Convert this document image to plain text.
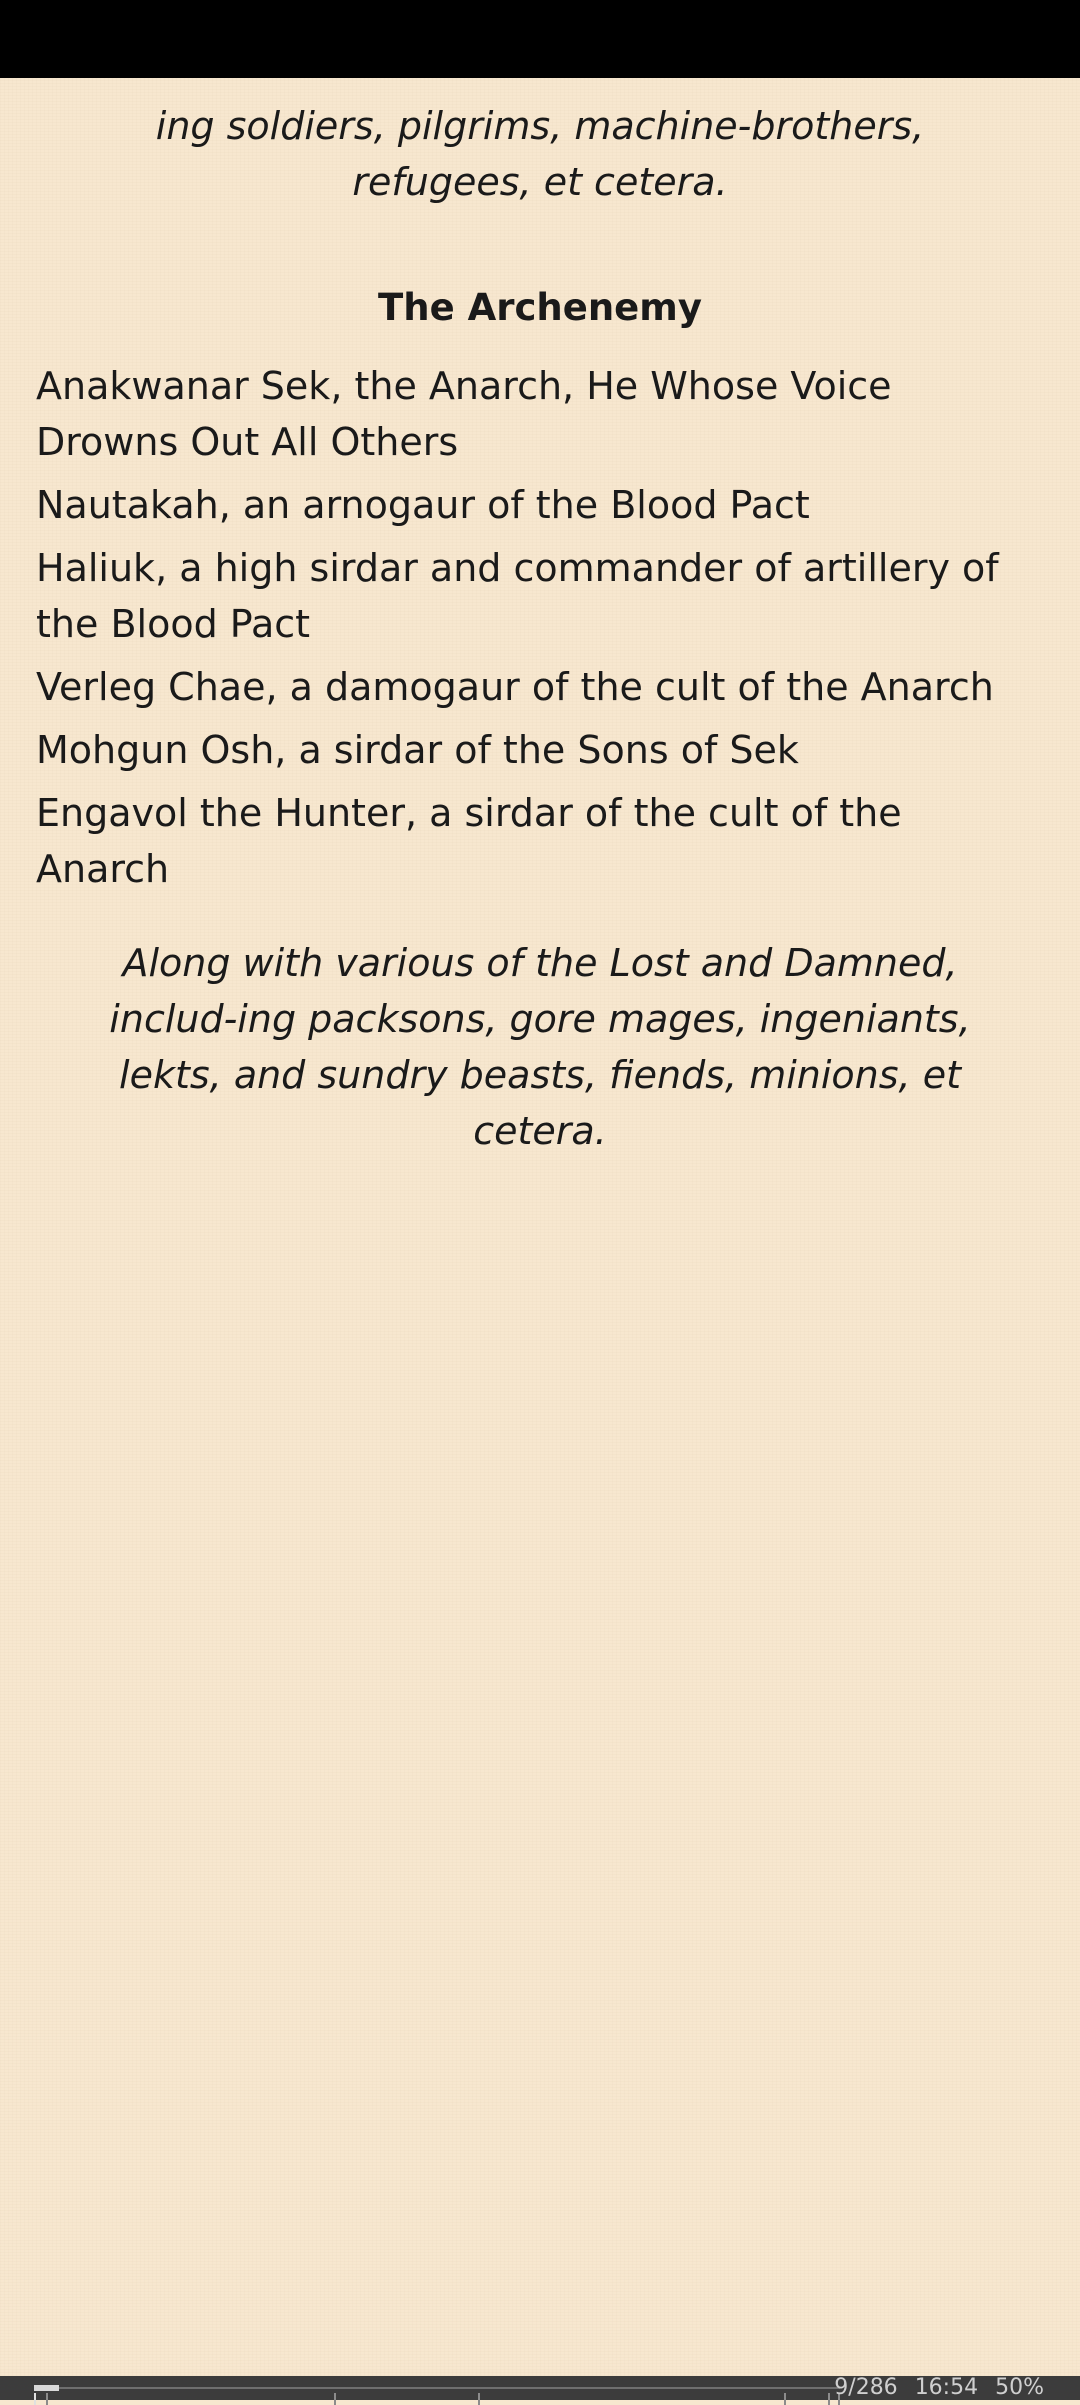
ing soldiers, pilgrims, machine-brothers, refugees, et cetera.

The Archenemy
Anakwanar Sek, the Anarch, He Whose Voice Drowns Out All Others
Nautakah, an arnogaur of the Blood Pact
Haliuk, a high sirdar and commander of artillery of the Blood Pact
Verleg Chae, a damogaur of the cult of the Anarch
Mohgun Osh, a sirdar of the Sons of Sek
Engavol the Hunter, a sirdar of the cult of the Anarch

Along with various of the Lost and Damned, includ-ing packsons, gore mages, ingeniants, lekts, and sundry beasts, fiends, minions, et cetera.

9/286 16:54 50%
